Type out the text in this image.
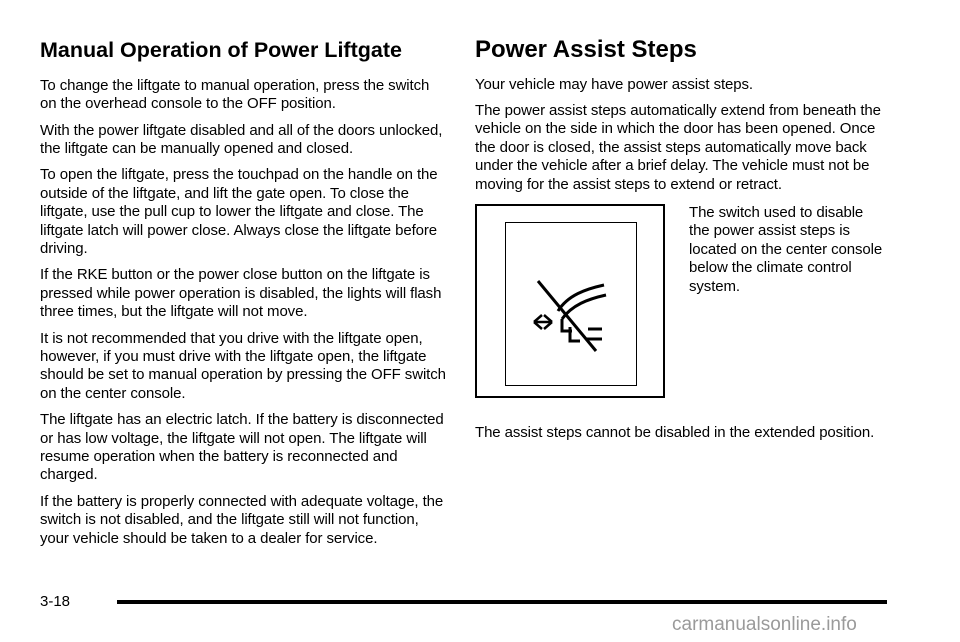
Manual Operation of Power Liftgate

To change the liftgate to manual operation, press the switch on the overhead console to the OFF position.

With the power liftgate disabled and all of the doors unlocked, the liftgate can be manually opened and closed.

To open the liftgate, press the touchpad on the handle on the outside of the liftgate, and lift the gate open. To close the liftgate, use the pull cup to lower the liftgate and close. The liftgate latch will power close. Always close the liftgate before driving.

If the RKE button or the power close button on the liftgate is pressed while power operation is disabled, the lights will flash three times, but the liftgate will not move.

It is not recommended that you drive with the liftgate open, however, if you must drive with the liftgate open, the liftgate should be set to manual operation by pressing the OFF switch on the center console.

The liftgate has an electric latch. If the battery is disconnected or has low voltage, the liftgate will not open. The liftgate will resume operation when the battery is reconnected and charged.

If the battery is properly connected with adequate voltage, the switch is not disabled, and the liftgate still will not function, your vehicle should be taken to a dealer for service.

Power Assist Steps

Your vehicle may have power assist steps.

The power assist steps automatically extend from beneath the vehicle on the side in which the door has been opened. Once the door is closed, the assist steps automatically move back under the vehicle after a brief delay. The vehicle must not be moving for the assist steps to extend or retract.

The switch used to disable the power assist steps is located on the center console below the climate control system.

The assist steps cannot be disabled in the extended position.

3-18
carmanualsonline.info
